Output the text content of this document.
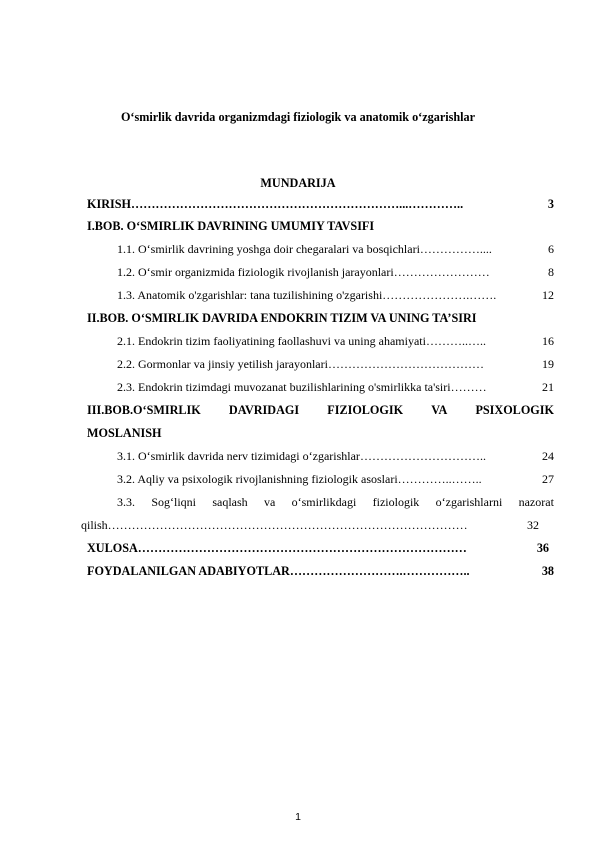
O‘smirlik davrida organizmdagi fiziologik va anatomik o‘zgarishlar
MUNDARIJA
KIRISH …………………………………………………………...…………..	3
I.BOB. O‘SMIRLIK DAVRINING UMUMIY TAVSIFI
1.1. O‘smirlik davrining yoshga doir chegaralari va bosqichlari ……………....	6
1.2. O‘smir organizmida fiziologik rivojlanish jarayonlari ……………………	8
1.3. Anatomik o'zgarishlar: tana tuzilishining o'zgarishi ………………….…….	12
II.BOB. O‘SMIRLIK DAVRIDA ENDOKRIN TIZIM VA UNING TA’SIRI
2.1. Endokrin tizim faoliyatining faollashuvi va uning ahamiyati ………..…..	16
2.2. Gormonlar va jinsiy yetilish jarayonlari …………………………………	19
2.3. Endokrin tizimdagi muvozanat buzilishlarining o'smirlikka ta'siri ………	21
III.BOB.O‘SMIRLIK DAVRIDAGI FIZIOLOGIK VA PSIXOLOGIK
MOSLANISH
3.1. O‘smirlik davrida nerv tizimidagi o‘zgarishlar …………………………..	24
3.2. Aqliy va psixologik rivojlanishning fiziologik asoslari …………..……..	27
3.3. Sog‘liqni saqlash va o‘smirlikdagi fiziologik o‘zgarishlarni nazorat
qilish ………………………………………………………………………………	32
XULOSA ………………………………………………………………………	36
FOYDALANILGAN ADABIYOTLAR ……………………….……………..	38
1
